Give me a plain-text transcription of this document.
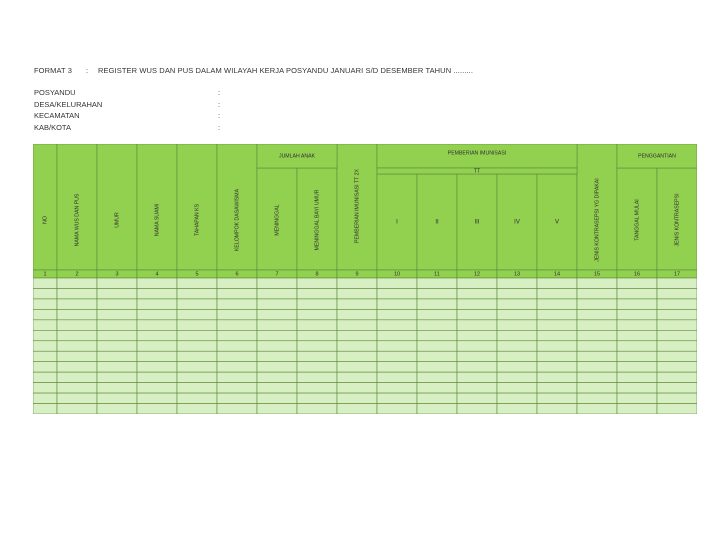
FORMAT 3 : REGISTER WUS DAN PUS DALAM WILAYAH KERJA POSYANDU JANUARI S/D DESEMBER TAHUN .........
POSYANDU	:
DESA/KELURAHAN	:
KECAMATAN	:
KAB/KOTA	:
JUMLAH ANAK	PEMBERIAN IMUNISASI
TT
PENGGANTIAN
NO	NAMA WUS DAN PUS	UMUR	NAMA SUAMI	TAHAPAN KS	KELOMPOK DASAWISMA	MENINGGAL	MENINGGAL BAYI UMUR	PEMBERIAN IMUNISASI TT 2X	I	II	III	IV	V	JENIS KONTRASEPSI YG DIPAKAI	TANGGAL MULAI	JENIS KONTRASEPSI
1	2	3	4	5	6	7	8	9	10	11	12	13	14	15	16	17
